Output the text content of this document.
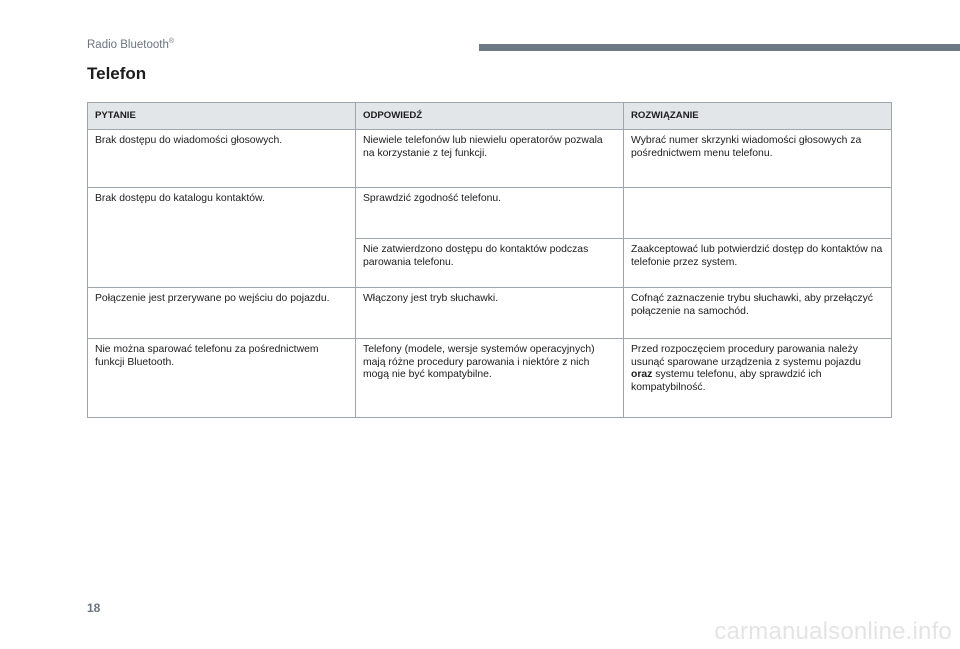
Radio Bluetooth®
Telefon
PYTANIE	ODPOWIEDŹ	ROZWIĄZANIE
Brak dostępu do wiadomości głosowych.	Niewiele telefonów lub niewielu operatorów pozwala na korzystanie z tej funkcji.	Wybrać numer skrzynki wiadomości głosowych za pośrednictwem menu telefonu.
Brak dostępu do katalogu kontaktów.	Sprawdzić zgodność telefonu.	
	Nie zatwierdzono dostępu do kontaktów podczas parowania telefonu.	Zaakceptować lub potwierdzić dostęp do kontaktów na telefonie przez system.
Połączenie jest przerywane po wejściu do pojazdu.	Włączony jest tryb słuchawki.	Cofnąć zaznaczenie trybu słuchawki, aby przełączyć połączenie na samochód.
Nie można sparować telefonu za pośrednictwem funkcji Bluetooth.	Telefony (modele, wersje systemów operacyjnych) mają różne procedury parowania i niektóre z nich mogą nie być kompatybilne.	Przed rozpoczęciem procedury parowania należy usunąć sparowane urządzenia z systemu pojazdu oraz systemu telefonu, aby sprawdzić ich kompatybilność.
18
carmanualsonline.info
